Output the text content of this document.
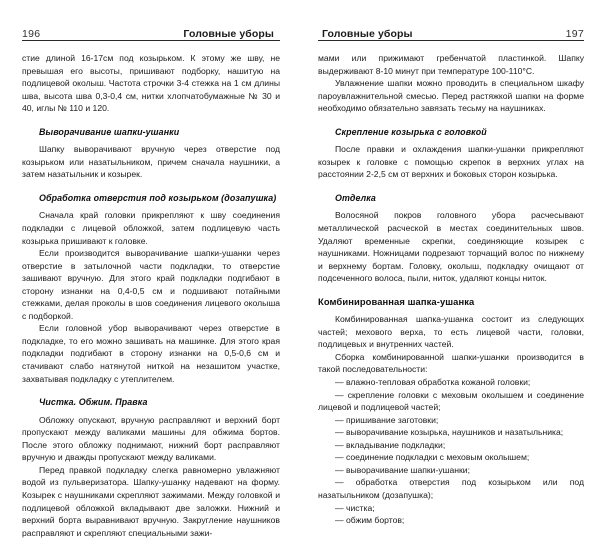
196	Головные уборы

стие длиной 16-17см под козырьком. К этому же шву, не превышая его высоты, пришивают подборку, нашитую на подлицевой околыш. Частота строчки 3-4 стежка на 1 см длины шва, высота шва 0,3-0,4 см, нитки хлопчатобумажные № 30 и 40, иглы № 110 и 120.

Выворачивание шапки-ушанки

Шапку выворачивают вручную через отверстие под козырьком или назатыльником, причем сначала наушники, а затем назатыльник и козырек.

Обработка отверстия под козырьком (дозапушка)

Сначала край головки прикрепляют к шву соединения подкладки с лицевой обложкой, затем подлицевую часть козырька пришивают к головке.

Если производится выворачивание шапки-ушанки через отверстие в затылочной части подкладки, то отверстие зашивают вручную. Для этого край подкладки подгибают в сторону изнанки на 0,4-0,5 см и подшивают потайными стежками, делая проколы в шов соединения лицевого околыша с подборкой.

Если головной убор выворачивают через отверстие в подкладке, то его можно зашивать на машинке. Для этого края подкладки подгибают в сторону изнанки на 0,5-0,6 см и стачивают слабо натянутой ниткой на незашитом участке, захватывая подкладку с утеплителем.

Чистка. Обжим. Правка

Обложку опускают, вручную расправляют и верхний борт пропускают между валиками машины для обжима бортов. После этого обложку поднимают, нижний борт расправляют вручную и дважды пропускают между валиками.

Перед правкой подкладку слегка равномерно увлажняют водой из пульверизатора. Шапку-ушанку надевают на форму. Козырек с наушниками скрепляют зажимами. Между головкой и подлицевой обложкой вкладывают две заложки. Нижний и верхний борта выравнивают вручную. Закругление наушников расправляют и скрепляют специальными зажи-

Головные уборы	197

мами или прижимают гребенчатой пластинкой. Шапку выдерживают 8-10 минут при температуре 100-110°С.

Увлажнение шапки можно проводить в специальном шкафу пароувлажнительной смесью. Перед растяжкой шапки на форме необходимо обязательно завязать тесьму на наушниках.

Скрепление козырька с головкой

После правки и охлаждения шапки-ушанки прикрепляют козырек к головке с помощью скрепок в верхних углах на расстоянии 2-2,5 см от верхних и боковых сторон козырька.

Отделка

Волосяной покров головного убора расчесывают металлической расческой в местах соединительных швов. Удаляют временные скрепки, соединяющие козырек с наушниками. Ножницами подрезают торчащий волос по нижнему и верхнему бортам. Головку, околыш, подкладку очищают от подсеченного волоса, пыли, ниток, удаляют концы ниток.

Комбинированная шапка-ушанка

Комбинированная шапка-ушанка состоит из следующих частей; мехового верха, то есть лицевой части, головки, подлицевых и внутренних частей.

Сборка комбинированной шапки-ушанки производится в такой последовательности:

— влажно-тепловая обработка кожаной головки;
— скрепление головки с меховым околышем и соединение лицевой и подлицевой частей;
— пришивание заготовки;
— выворачивание козырька, наушников и назатыльника;
— вкладывание подкладки;
— соединение подкладки с меховым околышем;
— выворачивание шапки-ушанки;
— обработка отверстия под козырьком или под назатыльником (дозапушка);
— чистка;
— обжим бортов;
